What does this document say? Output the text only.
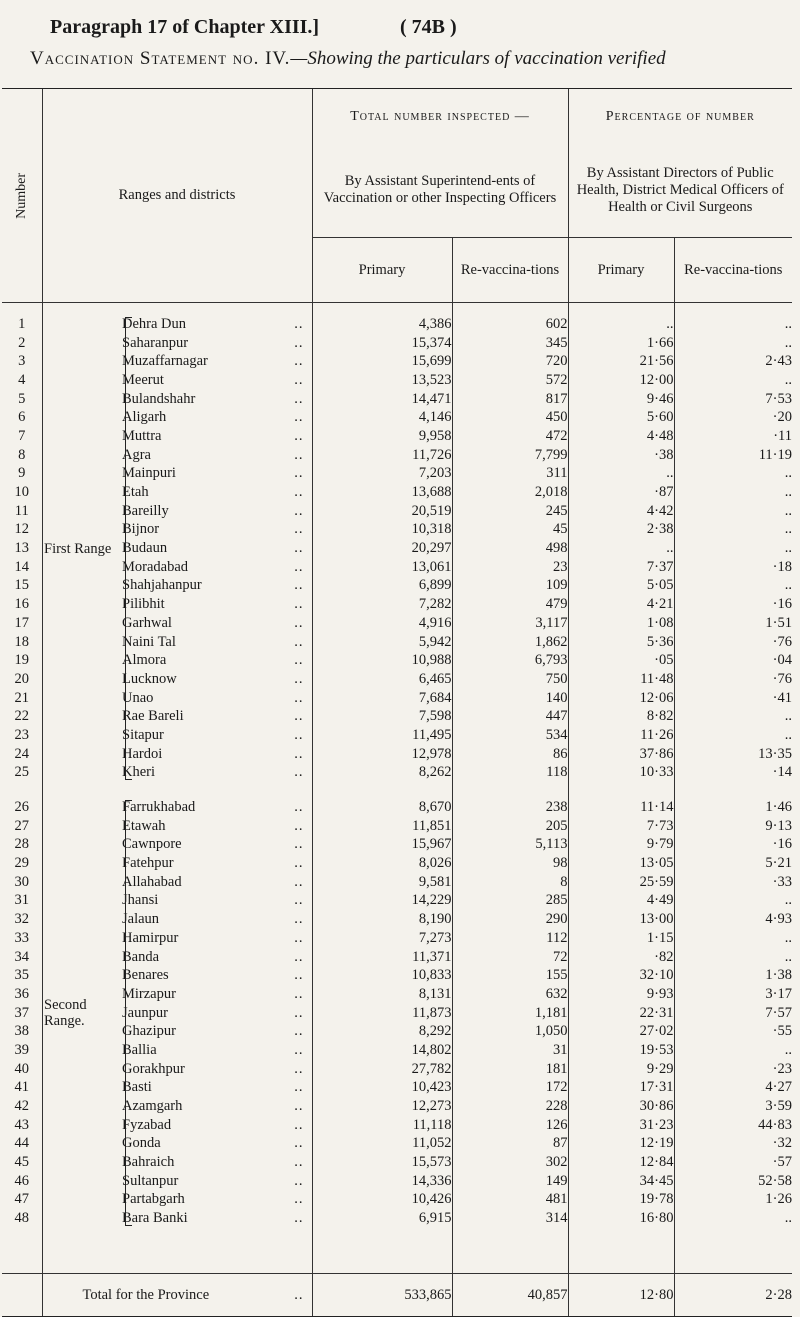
Paragraph 17 of Chapter XIII.]	( 74B )
Vaccination Statement no. IV.—Showing the particulars of vaccination verified

Number	Ranges and districts		Total number inspected —		Percentage of number	
			By Assistant Superintend-ents of Vaccination or other Inspecting Officers		By Assistant Directors of Public Health, District Medical Officers of Health or Civil Surgeons	
			Primary	Re-vaccina-tions	Primary	Re-vaccina-tions

1		Dehra Dun ..	4,386	602	..	..
2		Saharanpur ..	15,374	345	1·66	..
3		Muzaffarnagar ..	15,699	720	21·56	2·43
4		Meerut ..	13,523	572	12·00	..
5		Bulandshahr ..	14,471	817	9·46	7·53
6		Aligarh ..	4,146	450	5·60	·20
7		Muttra ..	9,958	472	4·48	·11
8		Agra ..	11,726	7,799	·38	11·19
9		Mainpuri ..	7,203	311	..	..
10		Etah ..	13,688	2,018	·87	..
11		Bareilly ..	20,519	245	4·42	..
12		Bijnor ..	10,318	45	2·38	..
13		Budaun ..	20,297	498	..	..
14		Moradabad ..	13,061	23	7·37	·18
15		Shahjahanpur ..	6,899	109	5·05	..
16		Pilibhit ..	7,282	479	4·21	·16
17		Garhwal ..	4,916	3,117	1·08	1·51
18		Naini Tal ..	5,942	1,862	5·36	·76
19		Almora ..	10,988	6,793	·05	·04
20		Lucknow ..	6,465	750	11·48	·76
21		Unao ..	7,684	140	12·06	·41
22		Rae Bareli ..	7,598	447	8·82	..
23		Sitapur ..	11,495	534	11·26	..
24		Hardoi ..	12,978	86	37·86	13·35
25		Kheri ..	8,262	118	10·33	·14

26		Farrukhabad ..	8,670	238	11·14	1·46
27		Etawah ..	11,851	205	7·73	9·13
28		Cawnpore ..	15,967	5,113	9·79	·16
29		Fatehpur ..	8,026	98	13·05	5·21
30		Allahabad ..	9,581	8	25·59	·33
31		Jhansi ..	14,229	285	4·49	..
32		Jalaun ..	8,190	290	13·00	4·93
33		Hamirpur ..	7,273	112	1·15	..
34		Banda ..	11,371	72	·82	..
35		Benares ..	10,833	155	32·10	1·38
36		Mirzapur ..	8,131	632	9·93	3·17
37		Jaunpur ..	11,873	1,181	22·31	7·57
38		Ghazipur ..	8,292	1,050	27·02	·55
39		Ballia ..	14,802	31	19·53	..
40		Gorakhpur ..	27,782	181	9·29	·23
41		Basti ..	10,423	172	17·31	4·27
42		Azamgarh ..	12,273	228	30·86	3·59
43		Fyzabad ..	11,118	126	31·23	44·83
44		Gonda ..	11,052	87	12·19	·32
45		Bahraich ..	15,573	302	12·84	·57
46		Sultanpur ..	14,336	149	34·45	52·58
47		Partabgarh ..	10,426	481	19·78	1·26
48		Bara Banki ..	6,915	314	16·80	..

	Total for the Province ..		533,865	40,857	12·80	2·28
First Range
Second
Range.
